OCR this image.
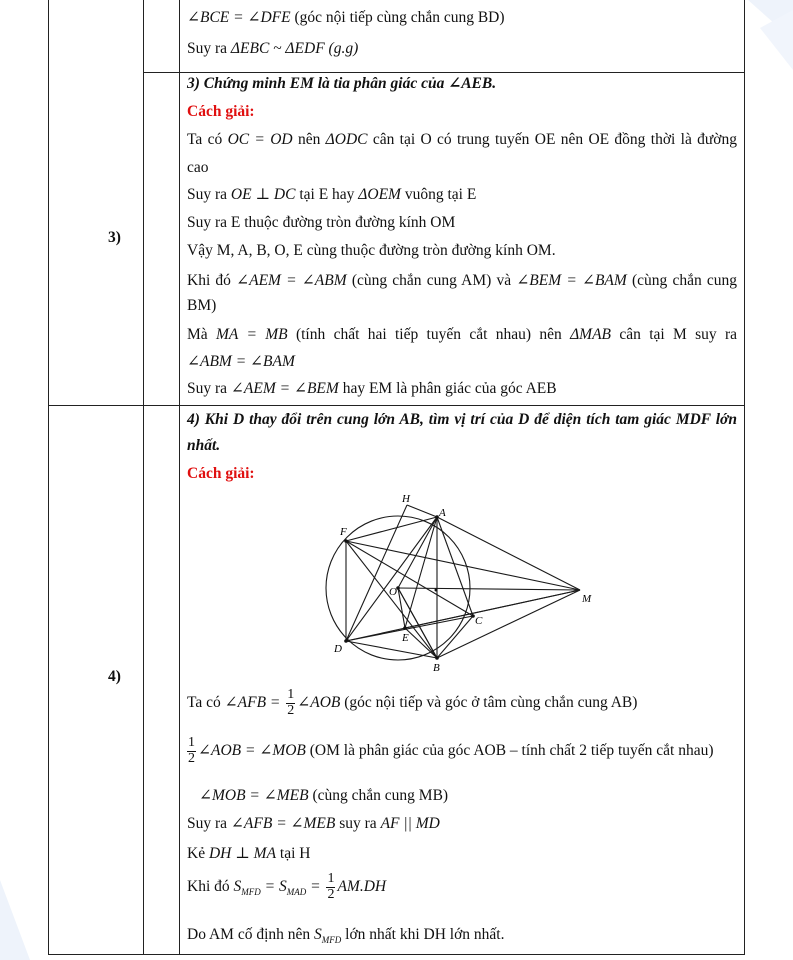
∠BCE = ∠DFE (góc nội tiếp cùng chắn cung BD)
Suy ra ΔEBC ~ ΔEDF (g.g)
3)
3) Chứng minh EM là tia phân giác của ∠AEB.
Cách giải:
Ta có OC = OD nên ΔODC cân tại O có trung tuyến OE nên OE đồng thời là đường
cao
Suy ra OE ⊥ DC tại E hay ΔOEM vuông tại E
Suy ra E thuộc đường tròn đường kính OM
Vậy M, A, B, O, E cùng thuộc đường tròn đường kính OM.
Khi đó ∠AEM = ∠ABM (cùng chắn cung AM) và ∠BEM = ∠BAM (cùng chắn cung
BM)
Mà MA = MB (tính chất hai tiếp tuyến cắt nhau) nên ΔMAB cân tại M suy ra
∠ABM = ∠BAM
Suy ra ∠AEM = ∠BEM hay EM là phân giác của góc AEB
4)
4) Khi D thay đổi trên cung lớn AB, tìm vị trí của D để diện tích tam giác MDF lớn
nhất.
Cách giải:
H
A
F
O
M
C
E
D
B
Ta có ∠AFB = $\frac{1}{2}$ ∠AOB (góc nội tiếp và góc ở tâm cùng chắn cung AB)
$\frac{1}{2}$ ∠AOB = ∠MOB (OM là phân giác của góc AOB – tính chất 2 tiếp tuyến cắt nhau)
∠MOB = ∠MEB (cùng chắn cung MB)
Suy ra ∠AFB = ∠MEB suy ra AF || MD
Kẻ DH ⊥ MA tại H
Khi đó $S_{MFD} = S_{MAD} = \frac{1}{2} AM.DH$
Do AM cố định nên $S_{MFD}$ lớn nhất khi DH lớn nhất.
